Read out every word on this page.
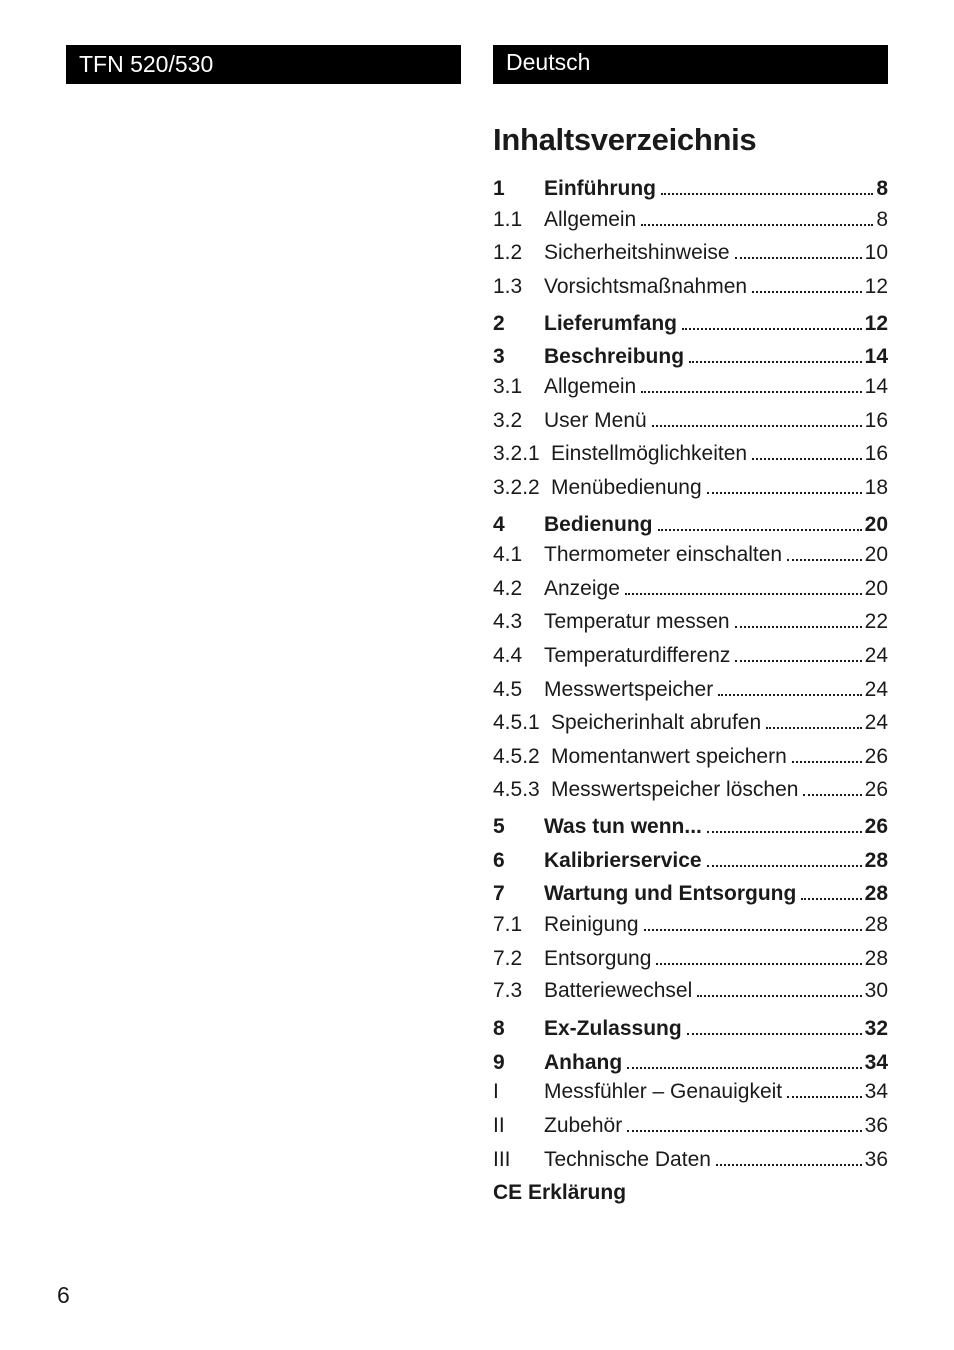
TFN 520/530	Deutsch
Inhaltsverzeichnis
1	Einführung	8
1.1	Allgemein	8
1.2	Sicherheitshinweise	10
1.3	Vorsichtsmaßnahmen	12
2	Lieferumfang	12
3	Beschreibung	14
3.1	Allgemein	14
3.2	User Menü	16
3.2.1 Einstellmöglichkeiten	16
3.2.2 Menübedienung	18
4	Bedienung	20
4.1	Thermometer einschalten	20
4.2	Anzeige	20
4.3	Temperatur messen	22
4.4	Temperaturdifferenz	24
4.5	Messwertspeicher	24
4.5.1 Speicherinhalt abrufen	24
4.5.2 Momentanwert speichern	26
4.5.3 Messwertspeicher löschen	26
5	Was tun wenn...	26
6	Kalibrierservice	28
7	Wartung und Entsorgung	28
7.1	Reinigung	28
7.2	Entsorgung	28
7.3	Batteriewechsel	30
8	Ex-Zulassung	32
9	Anhang	34
I	Messfühler – Genauigkeit	34
II	Zubehör	36
III	Technische Daten	36
CE Erklärung
6
